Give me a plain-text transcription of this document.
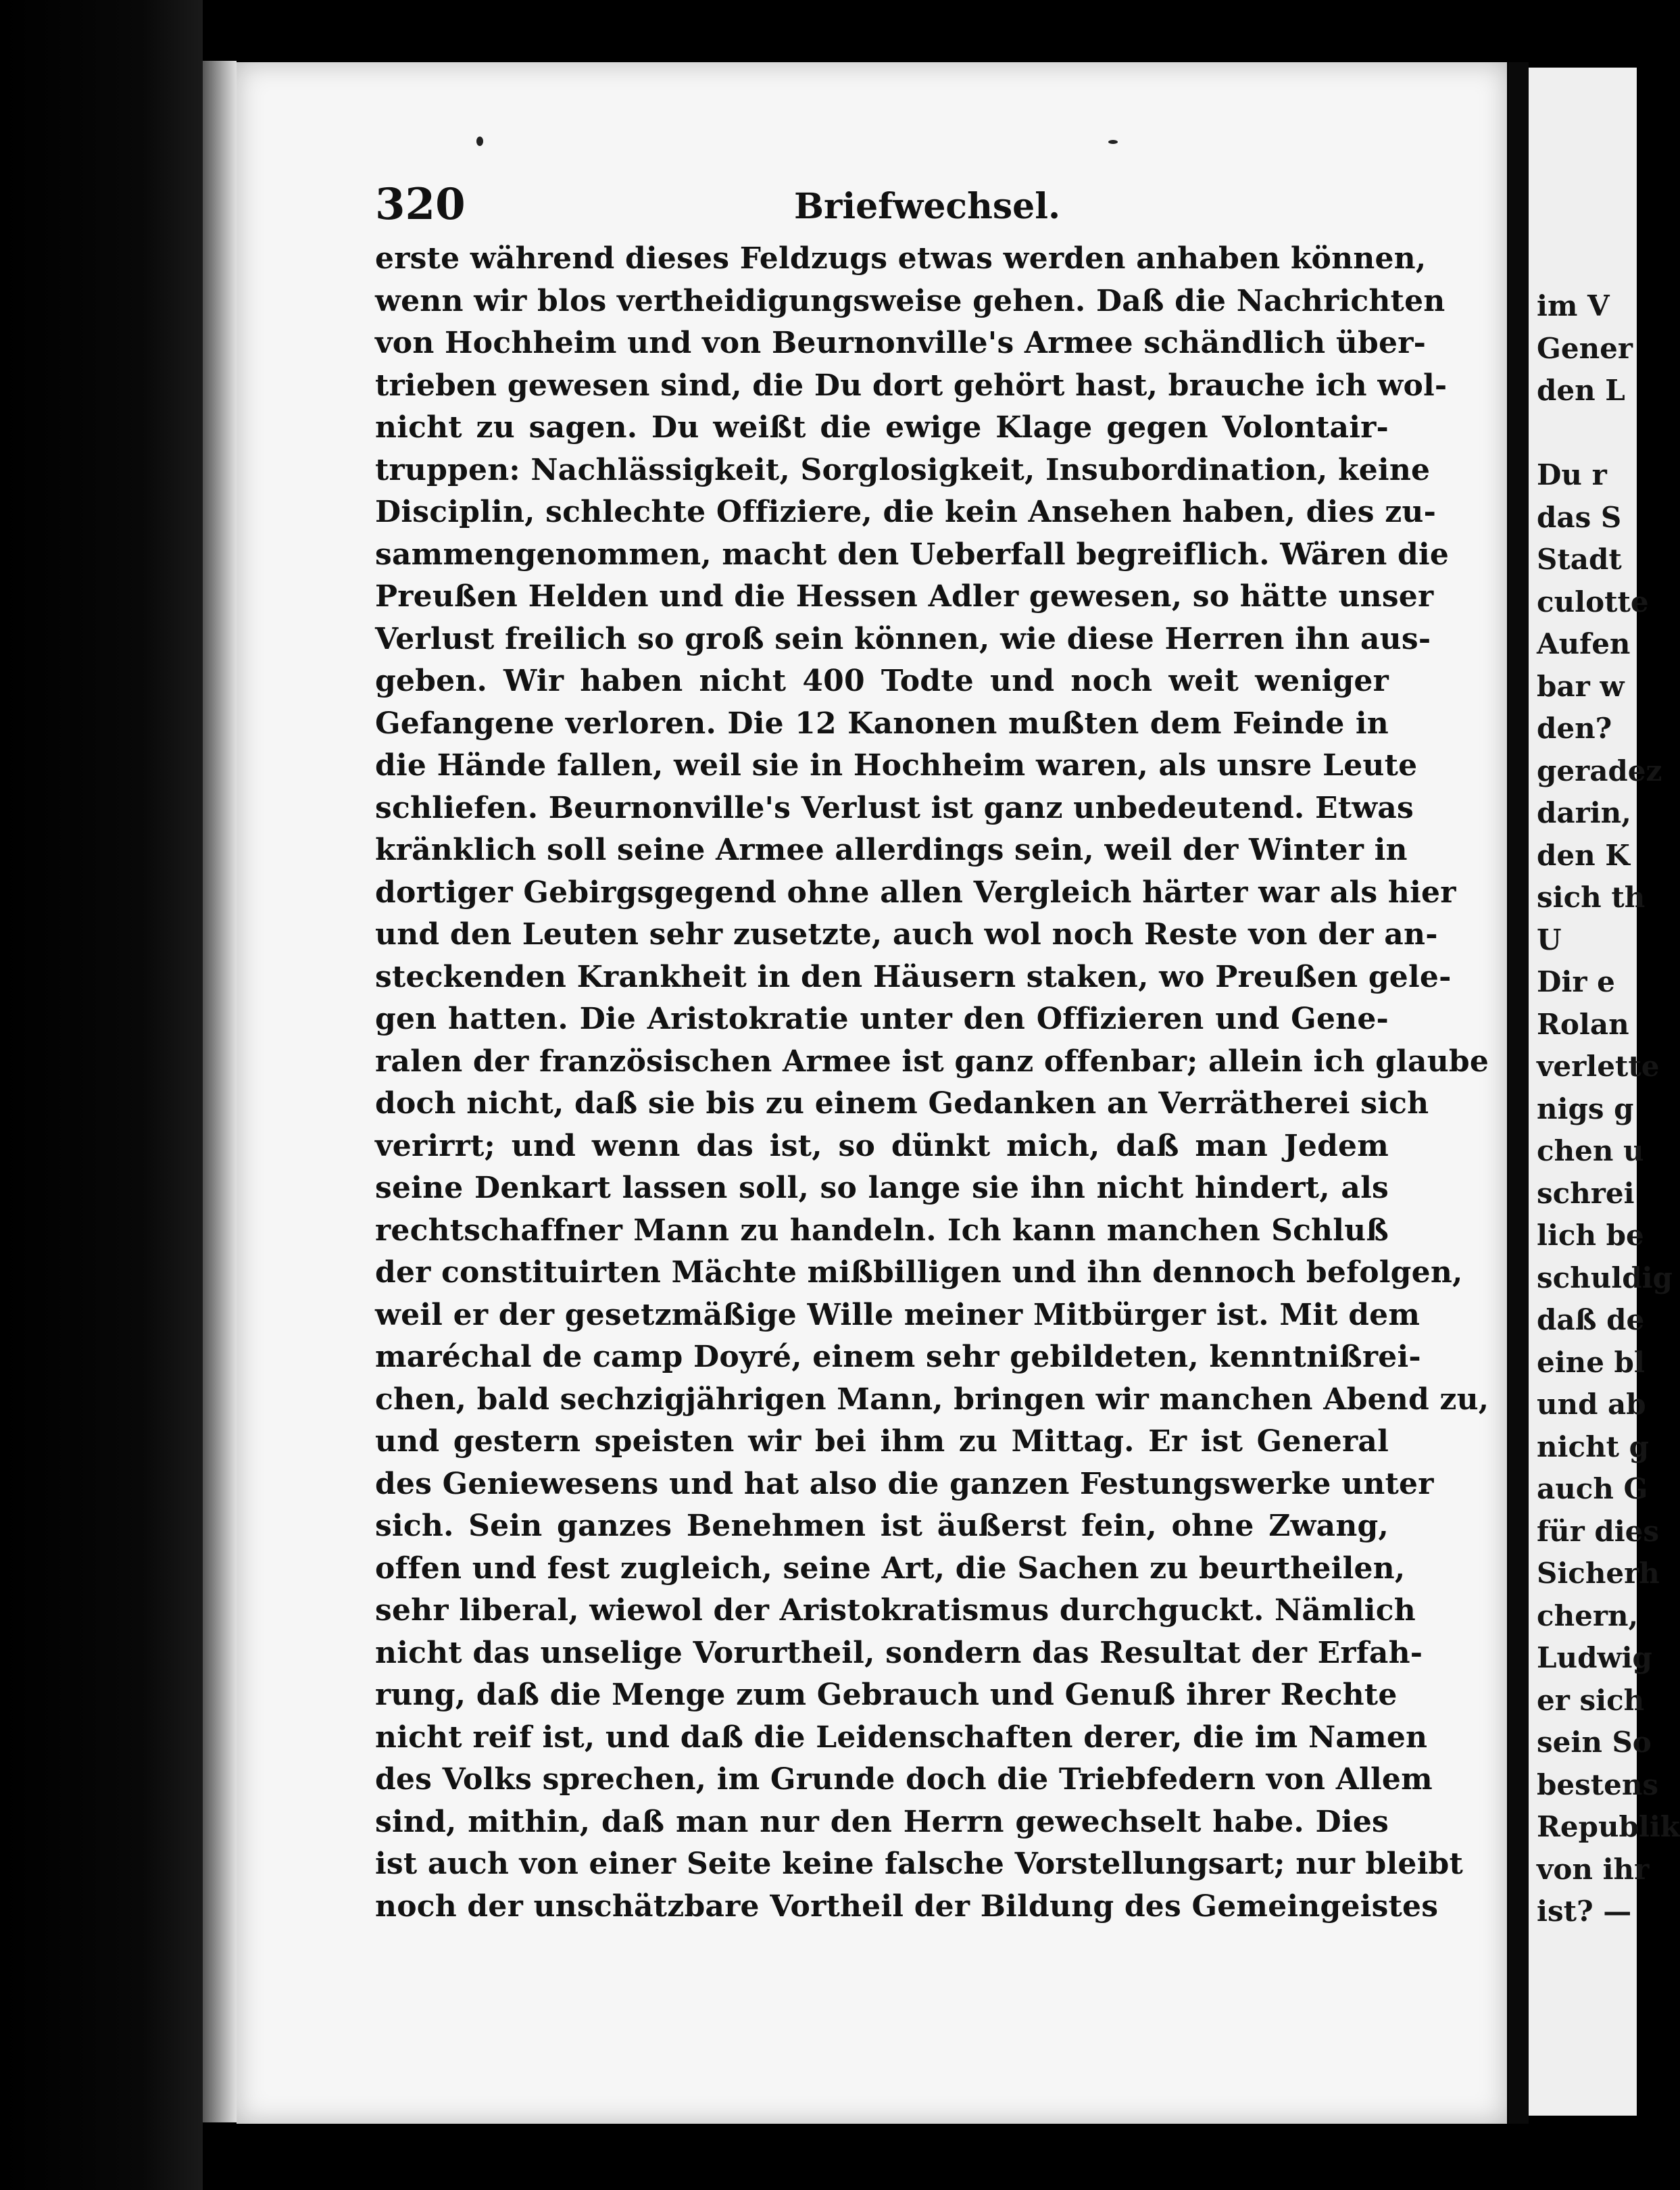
320	Briefwechsel.
erste während dieses Feldzugs etwas werden anhaben können,
wenn wir blos vertheidigungsweise gehen. Daß die Nachrichten
von Hochheim und von Beurnonville's Armee schändlich über-
trieben gewesen sind, die Du dort gehört hast, brauche ich wol-
nicht zu sagen. Du weißt die ewige Klage gegen Volontair-
truppen: Nachlässigkeit, Sorglosigkeit, Insubordination, keine
Disciplin, schlechte Offiziere, die kein Ansehen haben, dies zu-
sammengenommen, macht den Ueberfall begreiflich. Wären die
Preußen Helden und die Hessen Adler gewesen, so hätte unser
Verlust freilich so groß sein können, wie diese Herren ihn aus-
geben. Wir haben nicht 400 Todte und noch weit weniger
Gefangene verloren. Die 12 Kanonen mußten dem Feinde in
die Hände fallen, weil sie in Hochheim waren, als unsre Leute
schliefen. Beurnonville's Verlust ist ganz unbedeutend. Etwas
kränklich soll seine Armee allerdings sein, weil der Winter in
dortiger Gebirgsgegend ohne allen Vergleich härter war als hier
und den Leuten sehr zusetzte, auch wol noch Reste von der an-
steckenden Krankheit in den Häusern staken, wo Preußen gele-
gen hatten. Die Aristokratie unter den Offizieren und Gene-
ralen der französischen Armee ist ganz offenbar; allein ich glaube
doch nicht, daß sie bis zu einem Gedanken an Verrätherei sich
verirrt; und wenn das ist, so dünkt mich, daß man Jedem
seine Denkart lassen soll, so lange sie ihn nicht hindert, als
rechtschaffner Mann zu handeln. Ich kann manchen Schluß
der constituirten Mächte mißbilligen und ihn dennoch befolgen,
weil er der gesetzmäßige Wille meiner Mitbürger ist. Mit dem
maréchal de camp Doyré, einem sehr gebildeten, kenntnißrei-
chen, bald sechzigjährigen Mann, bringen wir manchen Abend zu,
und gestern speisten wir bei ihm zu Mittag. Er ist General
des Geniewesens und hat also die ganzen Festungswerke unter
sich. Sein ganzes Benehmen ist äußerst fein, ohne Zwang,
offen und fest zugleich, seine Art, die Sachen zu beurtheilen,
sehr liberal, wiewol der Aristokratismus durchguckt. Nämlich
nicht das unselige Vorurtheil, sondern das Resultat der Erfah-
rung, daß die Menge zum Gebrauch und Genuß ihrer Rechte
nicht reif ist, und daß die Leidenschaften derer, die im Namen
des Volks sprechen, im Grunde doch die Triebfedern von Allem
sind, mithin, daß man nur den Herrn gewechselt habe. Dies
ist auch von einer Seite keine falsche Vorstellungsart; nur bleibt
noch der unschätzbare Vortheil der Bildung des Gemeingeistes
im V
Gener
den L
Du r
das S
Stadt
culotte
Aufen
bar w
den?
geradez
darin,
den K
sich th
U
Dir e
Rolan
verlette
nigs g
chen u
schrei
lich be
schuldig
daß de
eine bl
und ab
nicht g
auch G
für dies
Sicherh
chern,
Ludwig
er sich
sein So
bestens
Republik
von ihr
ist? —
